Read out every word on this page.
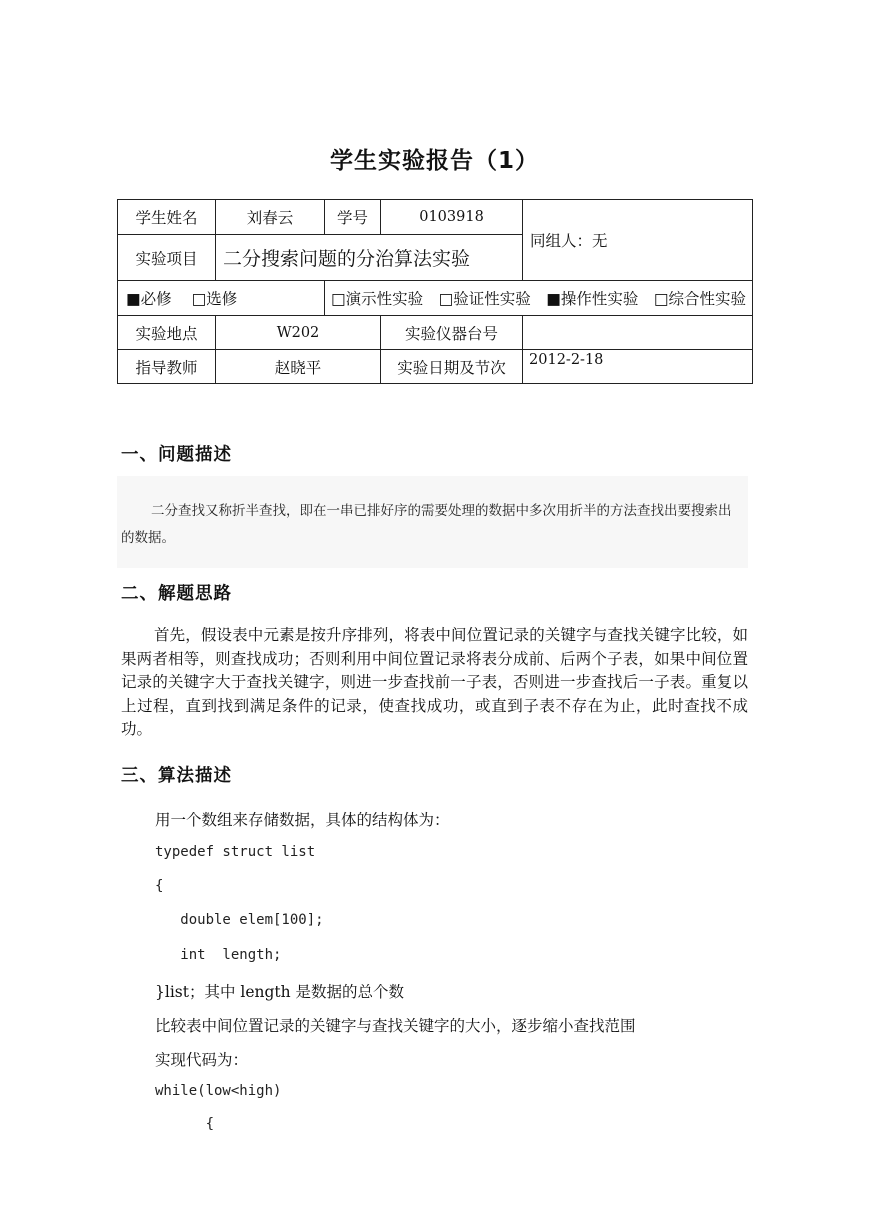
学生实验报告（1）
学生姓名	刘春云	学号	0103918	同组人：无
实验项目	二分搜索问题的分治算法实验			

■必修 □选修		□演示性实验 □验证性实验 ■操作性实验 □综合性实验		

实验地点	W202		实验仪器台号	
指导教师	赵晓平		实验日期及节次	2012-2-18
一、问题描述

二分查找又称折半查找，即在一串已排好序的需要处理的数据中多次用折半的方法查找出要搜索出的数据。

二、解题思路

首先，假设表中元素是按升序排列，将表中间位置记录的关键字与查找关键字比较，如果两者相等，则查找成功；否则利用中间位置记录将表分成前、后两个子表，如果中间位置记录的关键字大于查找关键字，则进一步查找前一子表，否则进一步查找后一子表。重复以上过程，直到找到满足条件的记录，使查找成功，或直到子表不存在为止，此时查找不成功。

三、算法描述
用一个数组来存储数据，具体的结构体为：
typedef struct list
{
double elem[100];
int  length;
}list；其中 length 是数据的总个数
比较表中间位置记录的关键字与查找关键字的大小，逐步缩小查找范围
实现代码为：
while(low<high)
{
